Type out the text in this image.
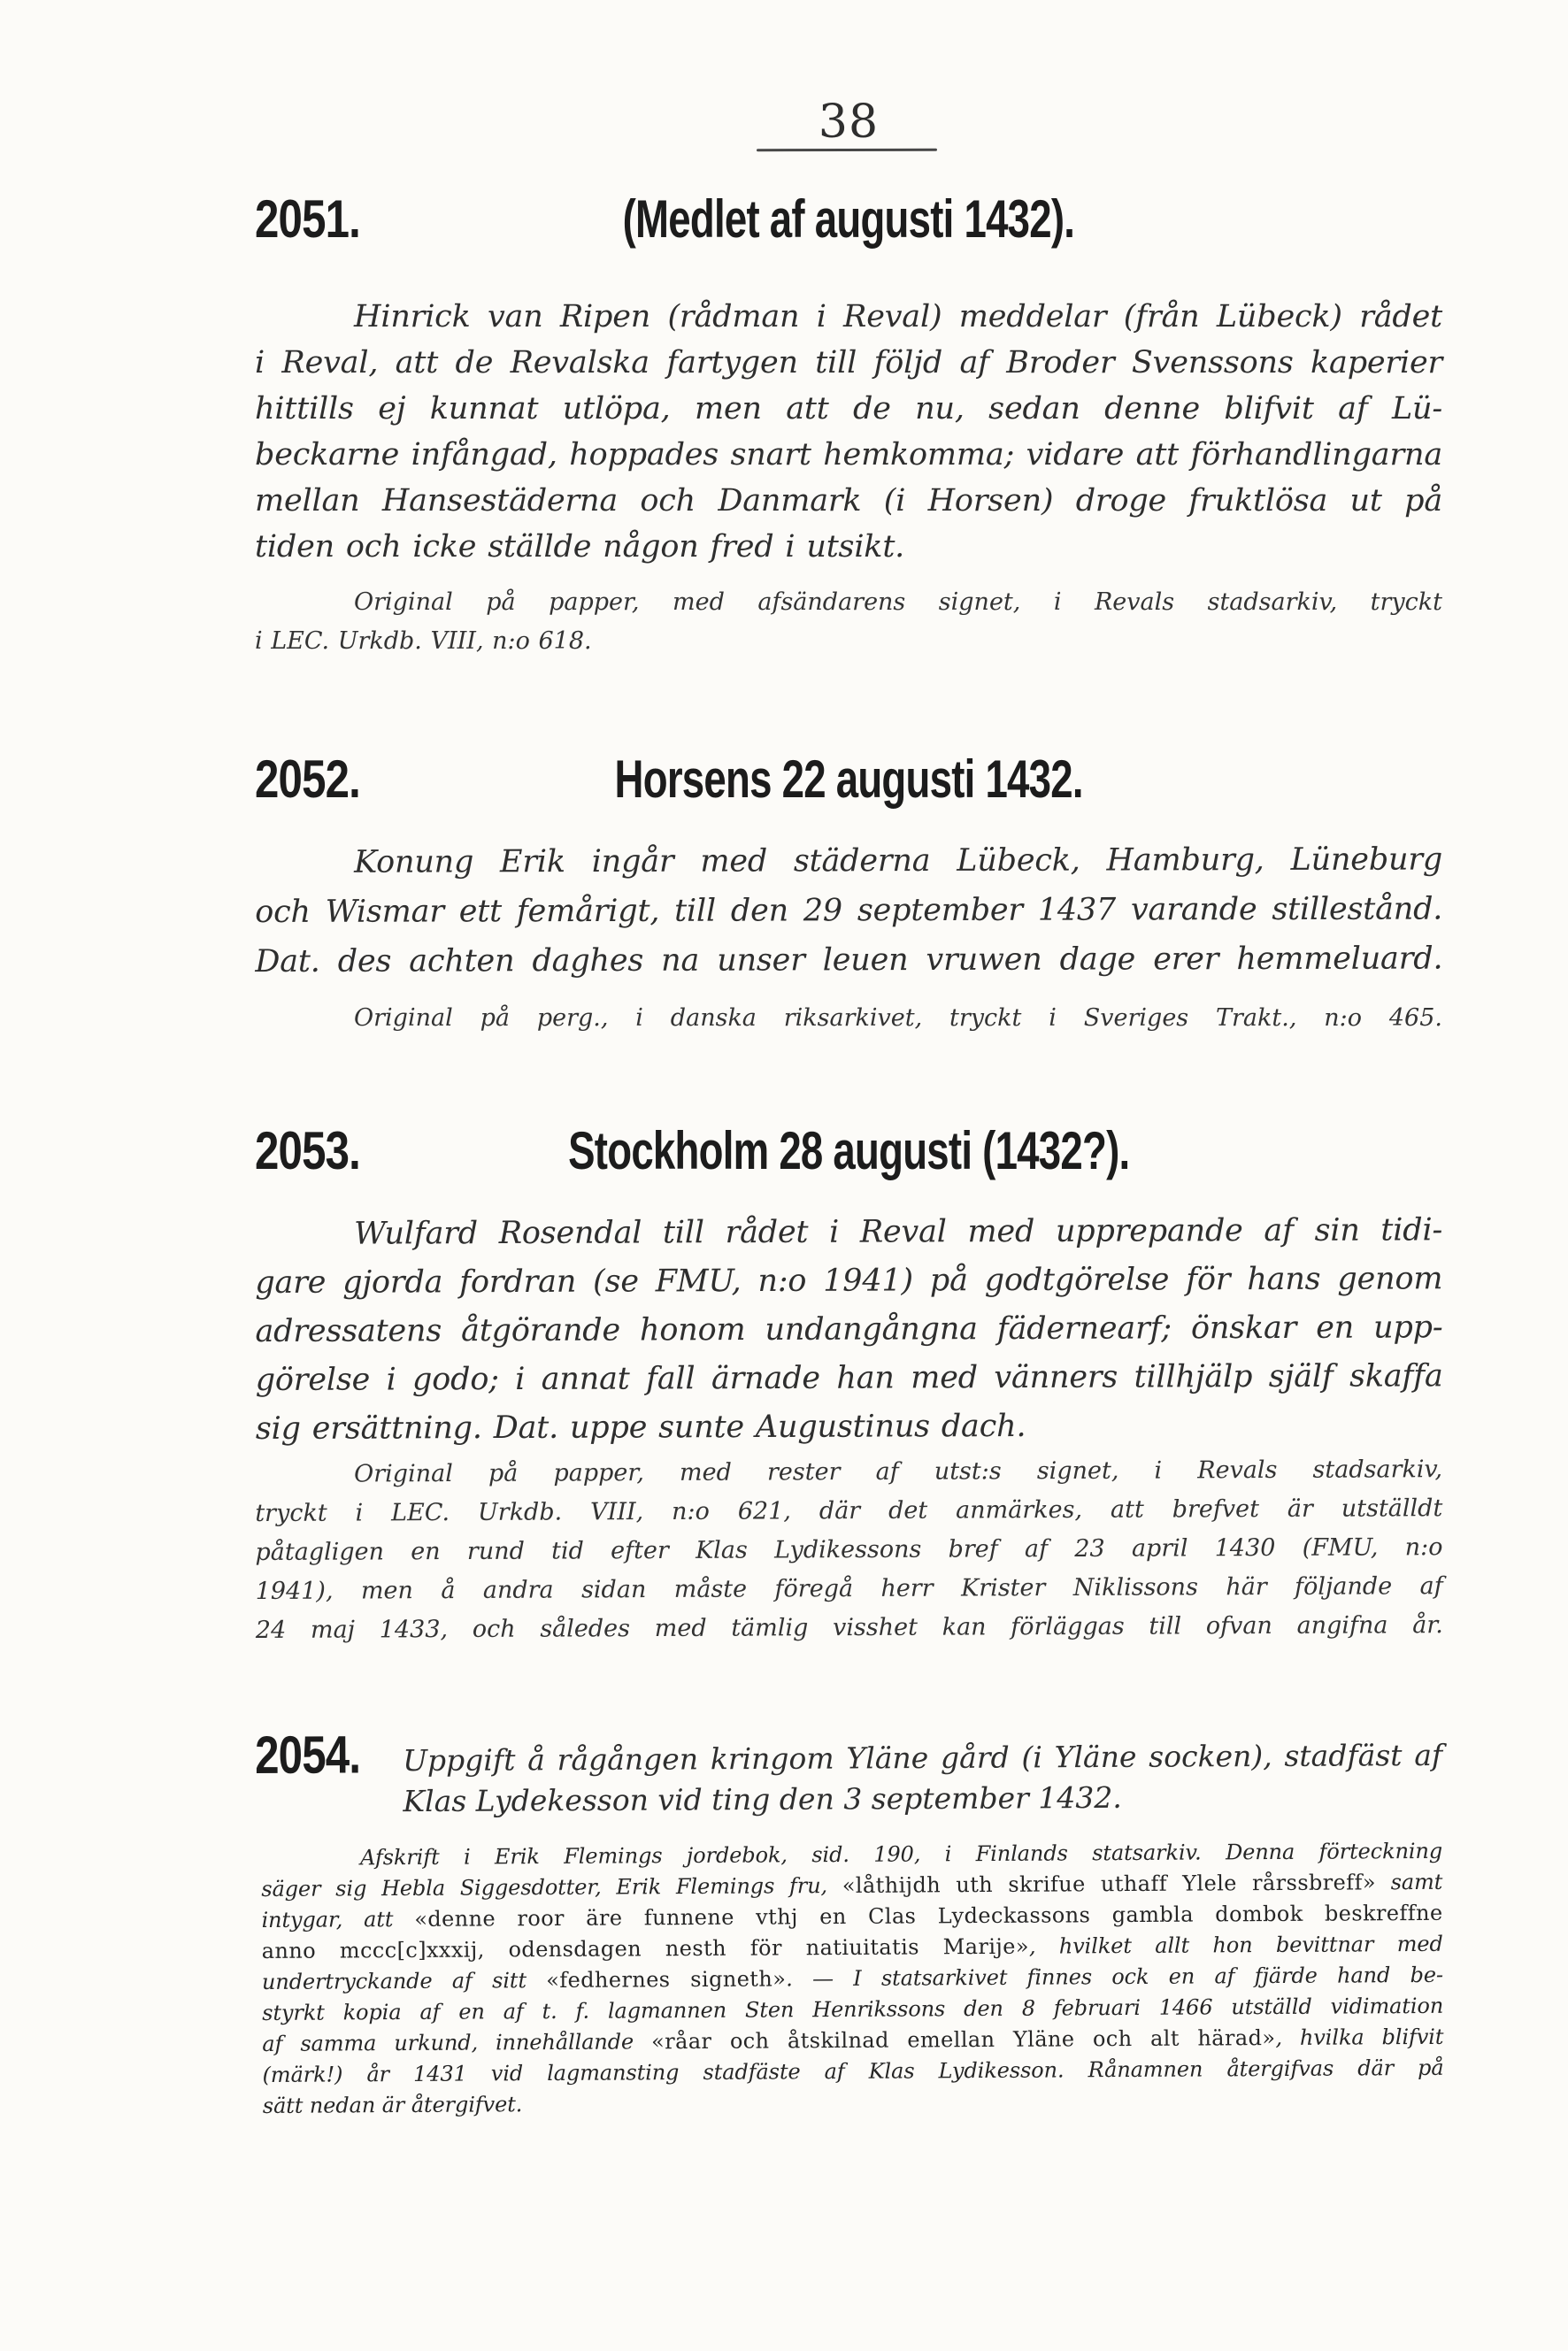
38
2051.	(Medlet af augusti 1432).
Hinrick van Ripen (rådman i Reval) meddelar (från Lübeck) rådet
i Reval, att de Revalska fartygen till följd af Broder Svenssons kaperier
hittills ej kunnat utlöpa, men att de nu, sedan denne blifvit af Lü-
beckarne infångad, hoppades snart hemkomma; vidare att förhandlingarna
mellan Hansestäderna och Danmark (i Horsen) droge fruktlösa ut på
tiden och icke ställde någon fred i utsikt.
Original på papper, med afsändarens signet, i Revals stadsarkiv, tryckt
i LEC. Urkdb. VIII, n:o 618.
2052.	Horsens 22 augusti 1432.
Konung Erik ingår med städerna Lübeck, Hamburg, Lüneburg
och Wismar ett femårigt, till den 29 september 1437 varande stillestånd.
Dat. des achten daghes na unser leuen vruwen dage erer hemmeluard.
Original på perg., i danska riksarkivet, tryckt i Sveriges Trakt., n:o 465.
2053.	Stockholm 28 augusti (1432?).
Wulfard Rosendal till rådet i Reval med upprepande af sin tidi-
gare gjorda fordran (se FMU, n:o 1941) på godtgörelse för hans genom
adressatens åtgörande honom undangångna fädernearf; önskar en upp-
görelse i godo; i annat fall ärnade han med vänners tillhjälp själf skaffa
sig ersättning. Dat. uppe sunte Augustinus dach.
Original på papper, med rester af utst:s signet, i Revals stadsarkiv,
tryckt i LEC. Urkdb. VIII, n:o 621, där det anmärkes, att brefvet är utställdt
påtagligen en rund tid efter Klas Lydikessons bref af 23 april 1430 (FMU, n:o
1941), men å andra sidan måste föregå herr Krister Niklissons här följande af
24 maj 1433, och således med tämlig visshet kan förläggas till ofvan angifna år.
2054. Uppgift å rågången kringom Yläne gård (i Yläne socken), stadfäst af
Klas Lydekesson vid ting den 3 september 1432.
Afskrift i Erik Flemings jordebok, sid. 190, i Finlands statsarkiv. Denna förteckning
säger sig Hebla Siggesdotter, Erik Flemings fru, «låthijdh uth skrifue uthaff Ylele rårssbreff» samt
intygar, att «denne roor äre funnene vthj en Clas Lydeckassons gambla dombok beskreffne
anno mccc[c]xxxij, odensdagen nesth för natiuitatis Marije», hvilket allt hon bevittnar med
undertryckande af sitt «fedhernes signeth». — I statsarkivet finnes ock en af fjärde hand be-
styrkt kopia af en af t. f. lagmannen Sten Henrikssons den 8 februari 1466 utställd vidimation
af samma urkund, innehållande «råar och åtskilnad emellan Yläne och alt härad», hvilka blifvit
(märk!) år 1431 vid lagmansting stadfäste af Klas Lydikesson. Rånamnen återgifvas där på
sätt nedan är återgifvet.
